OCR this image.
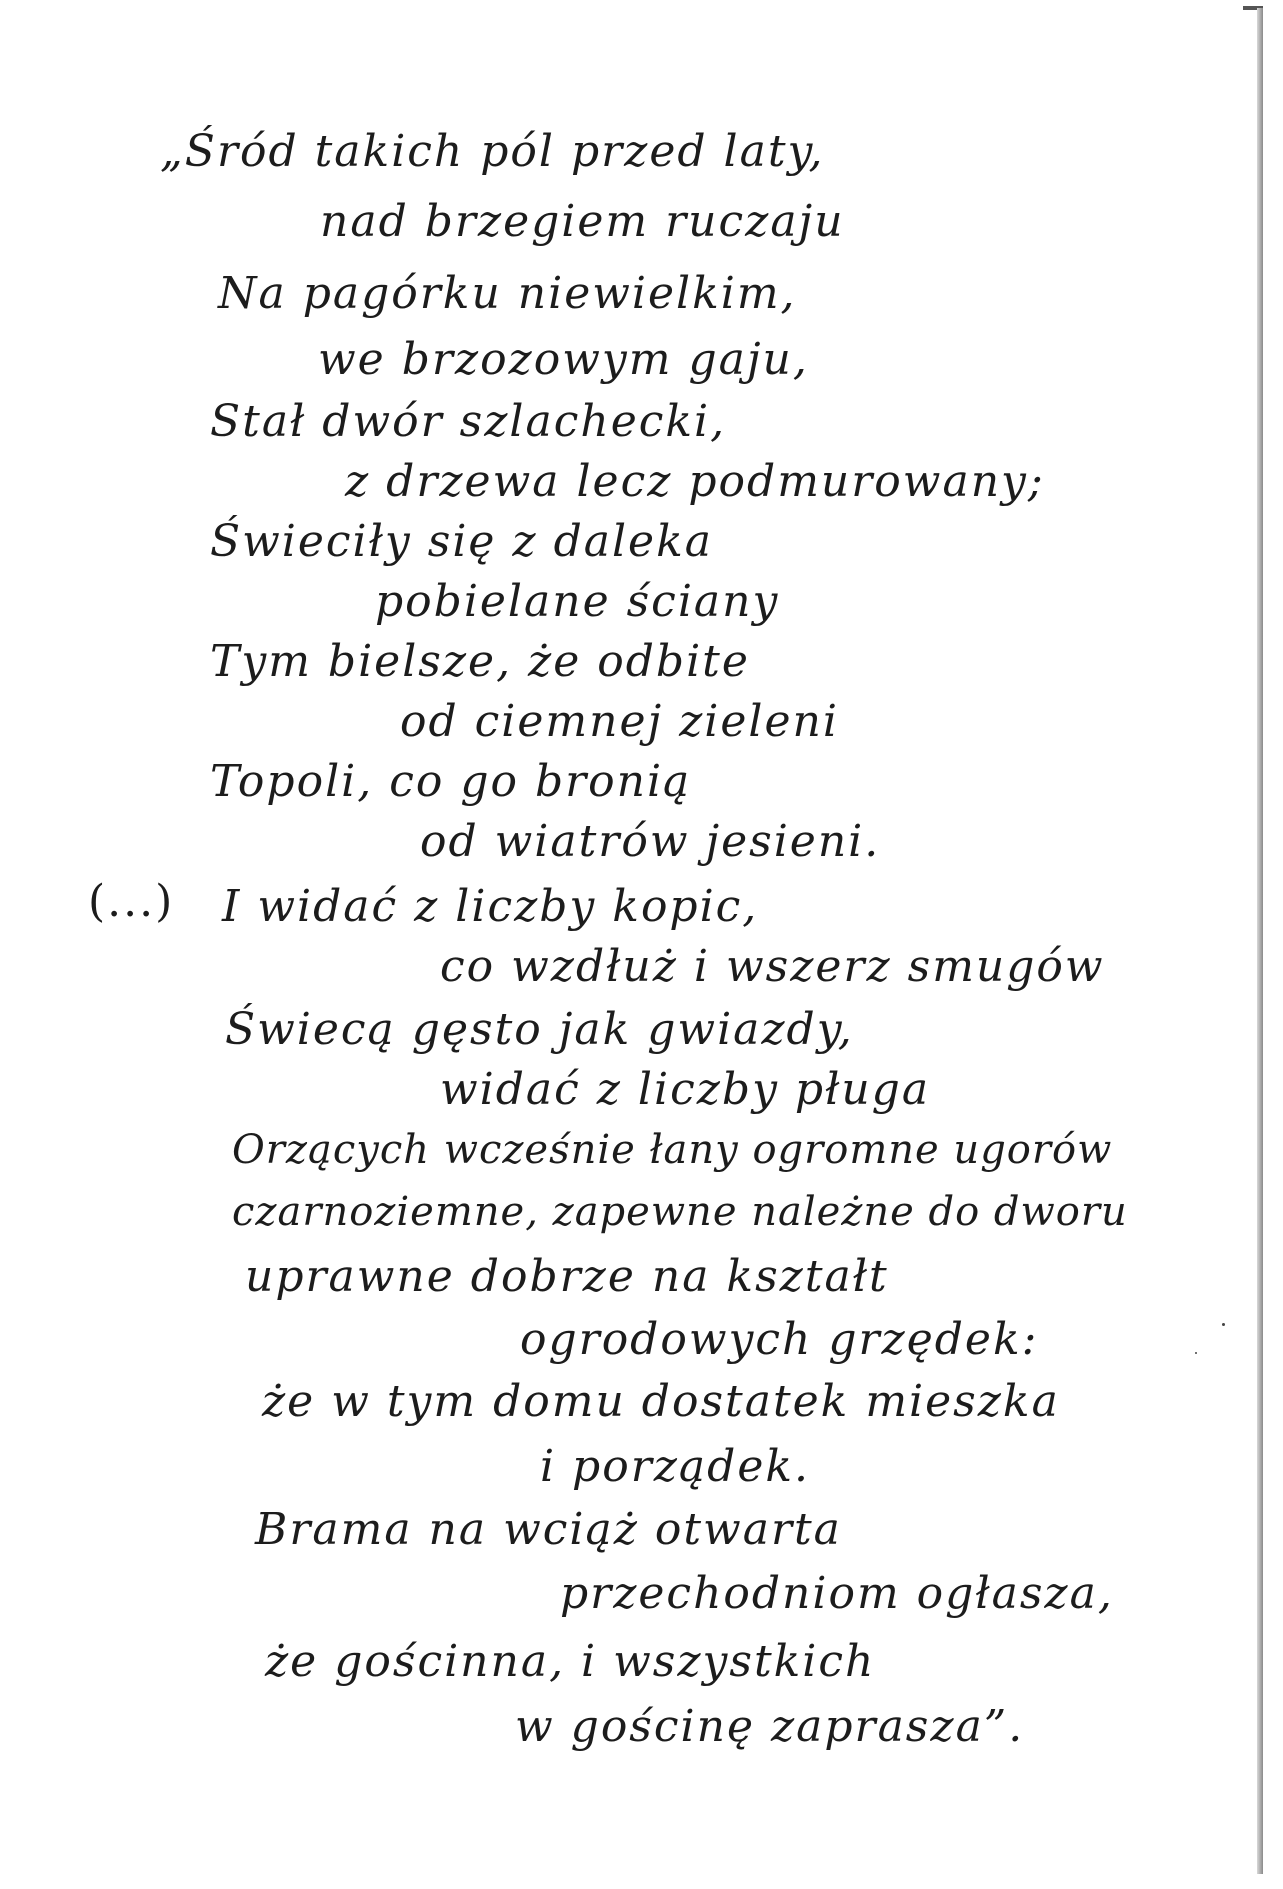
„Śród takich pól przed laty,
nad brzegiem ruczaju
Na pagórku niewielkim,
we brzozowym gaju,
Stał dwór szlachecki,
z drzewa lecz podmurowany;
Świeciły się z daleka
pobielane ściany
Tym bielsze, że odbite
od ciemnej zieleni
Topoli, co go bronią
od wiatrów jesieni.
(...) I widać z liczby kopic,
co wzdłuż i wszerz smugów
Świecą gęsto jak gwiazdy,
widać z liczby pługa
Orzących wcześnie łany ogromne ugorów
czarnoziemne, zapewne należne do dworu
uprawne dobrze na kształt
ogrodowych grzędek:
że w tym domu dostatek mieszka
i porządek.
Brama na wciąż otwarta
przechodniom ogłasza,
że gościnna, i wszystkich
w gościnę zaprasza”.
